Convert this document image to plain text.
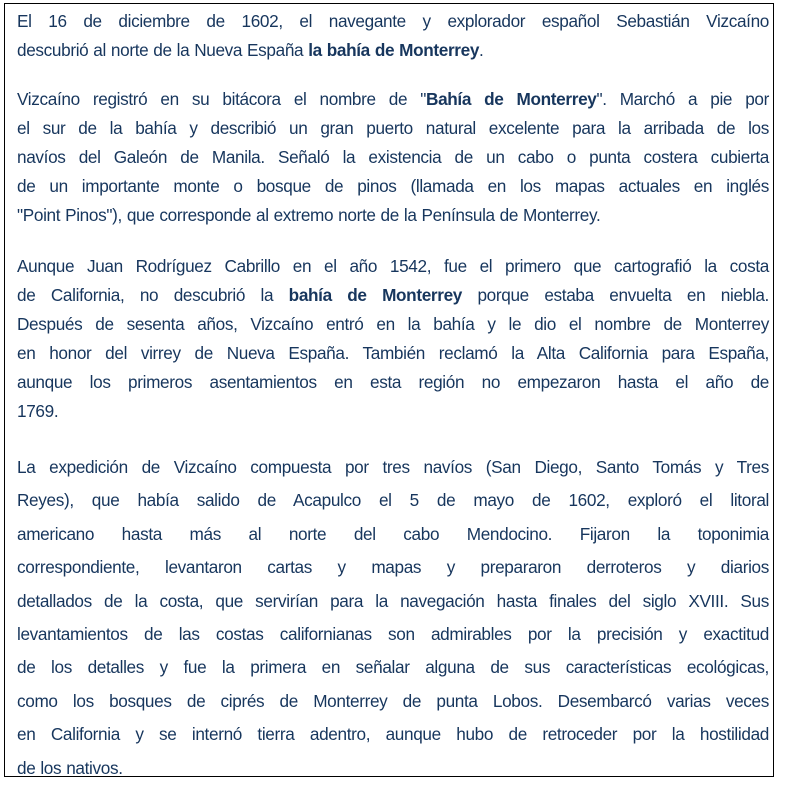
El 16 de diciembre de 1602, el navegante y explorador español Sebastián Vizcaíno
descubrió al norte de la Nueva España la bahía de Monterrey.
Vizcaíno registró en su bitácora el nombre de "Bahía de Monterrey". Marchó a pie por
el sur de la bahía y describió un gran puerto natural excelente para la arribada de los
navíos del Galeón de Manila. Señaló la existencia de un cabo o punta costera cubierta
de un importante monte o bosque de pinos (llamada en los mapas actuales en inglés
"Point Pinos"), que corresponde al extremo norte de la Península de Monterrey.
Aunque Juan Rodríguez Cabrillo en el año 1542, fue el primero que cartografió la costa
de California, no descubrió la bahía de Monterrey porque estaba envuelta en niebla.
Después de sesenta años, Vizcaíno entró en la bahía y le dio el nombre de Monterrey
en honor del virrey de Nueva España. También reclamó la Alta California para España,
aunque los primeros asentamientos en esta región no empezaron hasta el año de
1769.
La expedición de Vizcaíno compuesta por tres navíos (San Diego, Santo Tomás y Tres
Reyes), que había salido de Acapulco el 5 de mayo de 1602, exploró el litoral
americano hasta más al norte del cabo Mendocino. Fijaron la toponimia
correspondiente, levantaron cartas y mapas y prepararon derroteros y diarios
detallados de la costa, que servirían para la navegación hasta finales del siglo XVIII. Sus
levantamientos de las costas californianas son admirables por la precisión y exactitud
de los detalles y fue la primera en señalar alguna de sus características ecológicas,
como los bosques de ciprés de Monterrey de punta Lobos. Desembarcó varias veces
en California y se internó tierra adentro, aunque hubo de retroceder por la hostilidad
de los nativos.
